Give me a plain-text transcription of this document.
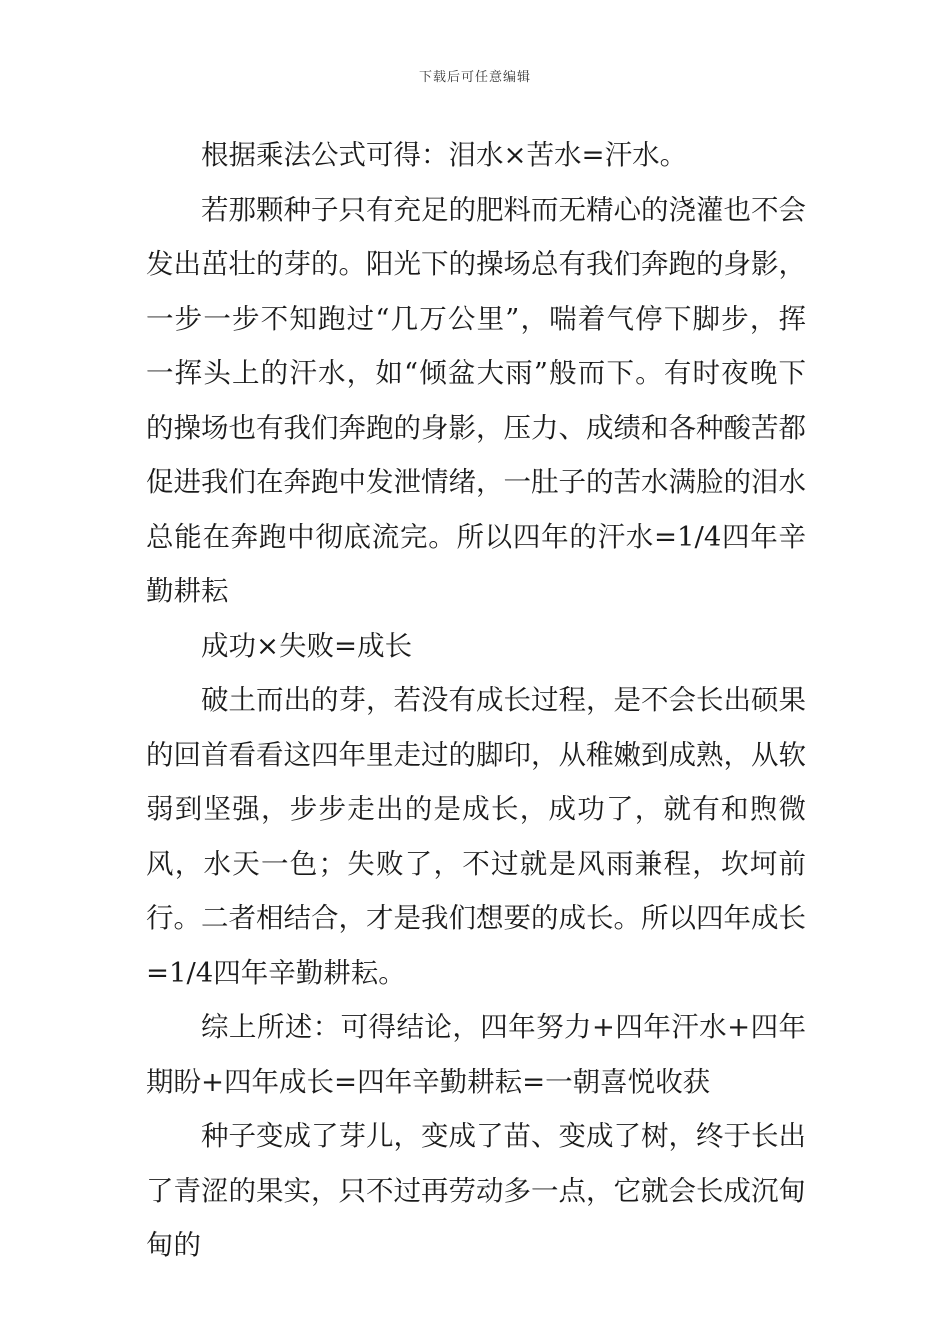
下载后可任意编辑

根据乘法公式可得：泪水×苦水=汗水。

若那颗种子只有充足的肥料而无精心的浇灌也不会发出茁壮的芽的。阳光下的操场总有我们奔跑的身影，一步一步不知跑过“几万公里”，喘着气停下脚步，挥一挥头上的汗水，如“倾盆大雨”般而下。有时夜晚下的操场也有我们奔跑的身影，压力、成绩和各种酸苦都促进我们在奔跑中发泄情绪，一肚子的苦水满脸的泪水总能在奔跑中彻底流完。所以四年的汗水=1/4四年辛勤耕耘

成功×失败=成长

破土而出的芽，若没有成长过程，是不会长出硕果的回首看看这四年里走过的脚印，从稚嫩到成熟，从软弱到坚强，步步走出的是成长，成功了，就有和煦微风，水天一色；失败了，不过就是风雨兼程，坎坷前行。二者相结合，才是我们想要的成长。所以四年成长=1/4四年辛勤耕耘。

综上所述：可得结论，四年努力+四年汗水+四年期盼+四年成长=四年辛勤耕耘=一朝喜悦收获

种子变成了芽儿，变成了苗、变成了树，终于长出了青涩的果实，只不过再劳动多一点，它就会长成沉甸甸的
